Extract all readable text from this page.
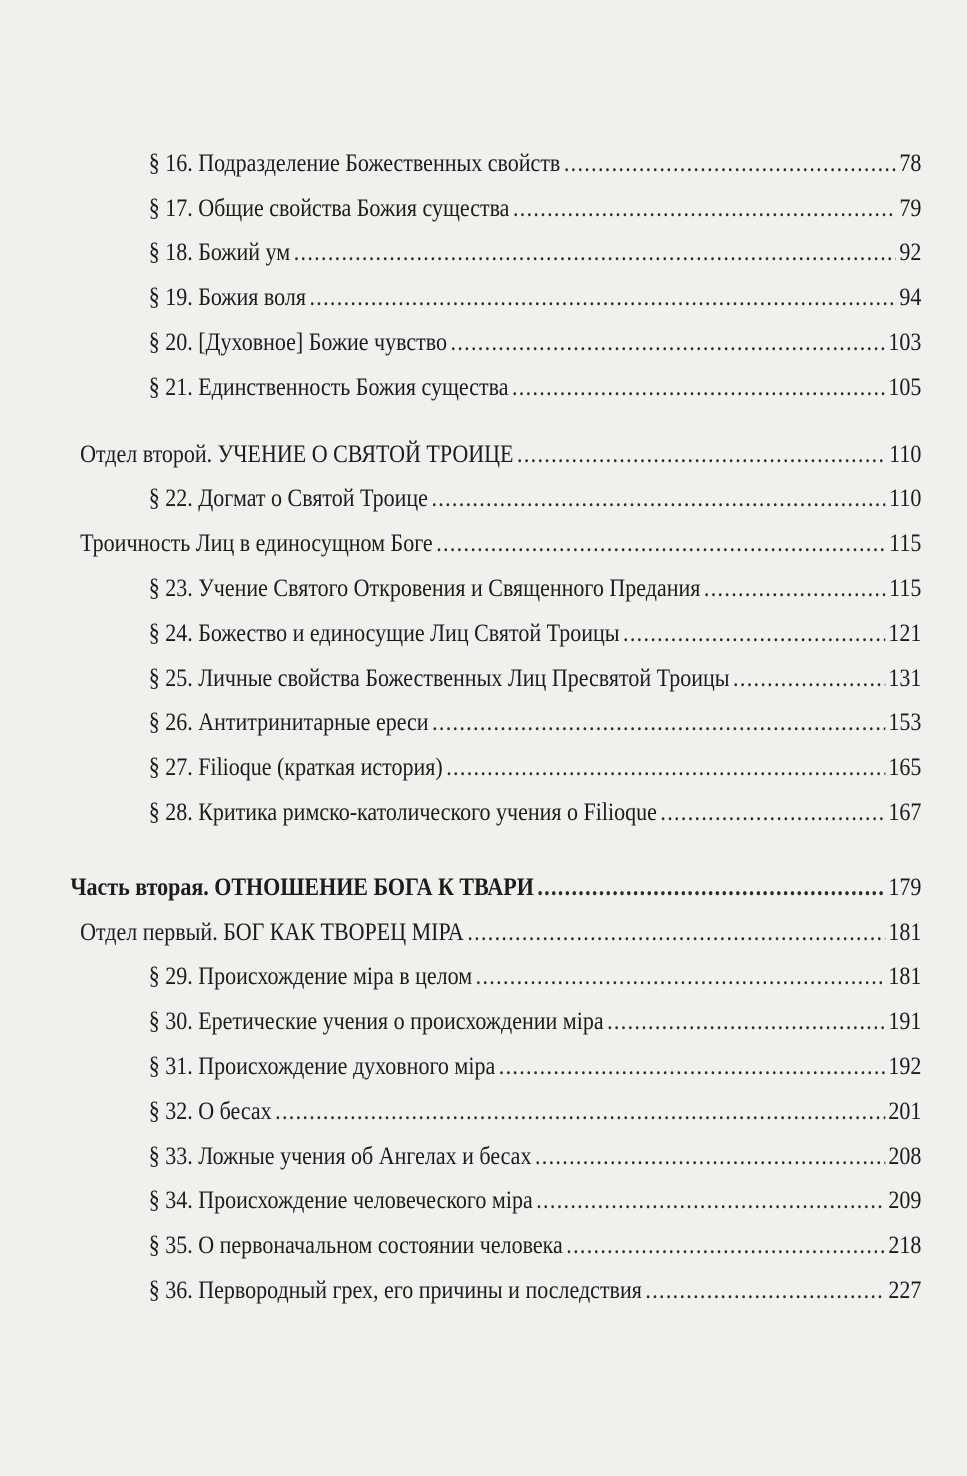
§ 16. Подразделение Божественных свойств .....	78
§ 17. Общие свойства Божия существа .....	79
§ 18. Божий ум .....	92
§ 19. Божия воля .....	94
§ 20. [Духовное] Божие чувство .....	103
§ 21. Единственность Божия существа .....	105
Отдел второй. УЧЕНИЕ О СВЯТОЙ ТРОИЦЕ .....	110
§ 22. Догмат о Святой Троице .....	110
Троичность Лиц в единосущном Боге .....	115
§ 23. Учение Святого Откровения и Священного Предания .....	115
§ 24. Божество и единосущие Лиц Святой Троицы .....	121
§ 25. Личные свойства Божественных Лиц Пресвятой Троицы .....	131
§ 26. Антитринитарные ереси .....	153
§ 27. Filioque (краткая история) .....	165
§ 28. Критика римско-католического учения о Filioque .....	167
Часть вторая. ОТНОШЕНИЕ БОГА К ТВАРИ .....	179
Отдел первый. БОГ КАК ТВОРЕЦ МIРА .....	181
§ 29. Происхождение мiра в целом .....	181
§ 30. Еретические учения о происхождении мiра .....	191
§ 31. Происхождение духовного мiра .....	192
§ 32. О бесах .....	201
§ 33. Ложные учения об Ангелах и бесах .....	208
§ 34. Происхождение человеческого мiра .....	209
§ 35. О первоначальном состоянии человека .....	218
§ 36. Первородный грех, его причины и последствия .....	227
